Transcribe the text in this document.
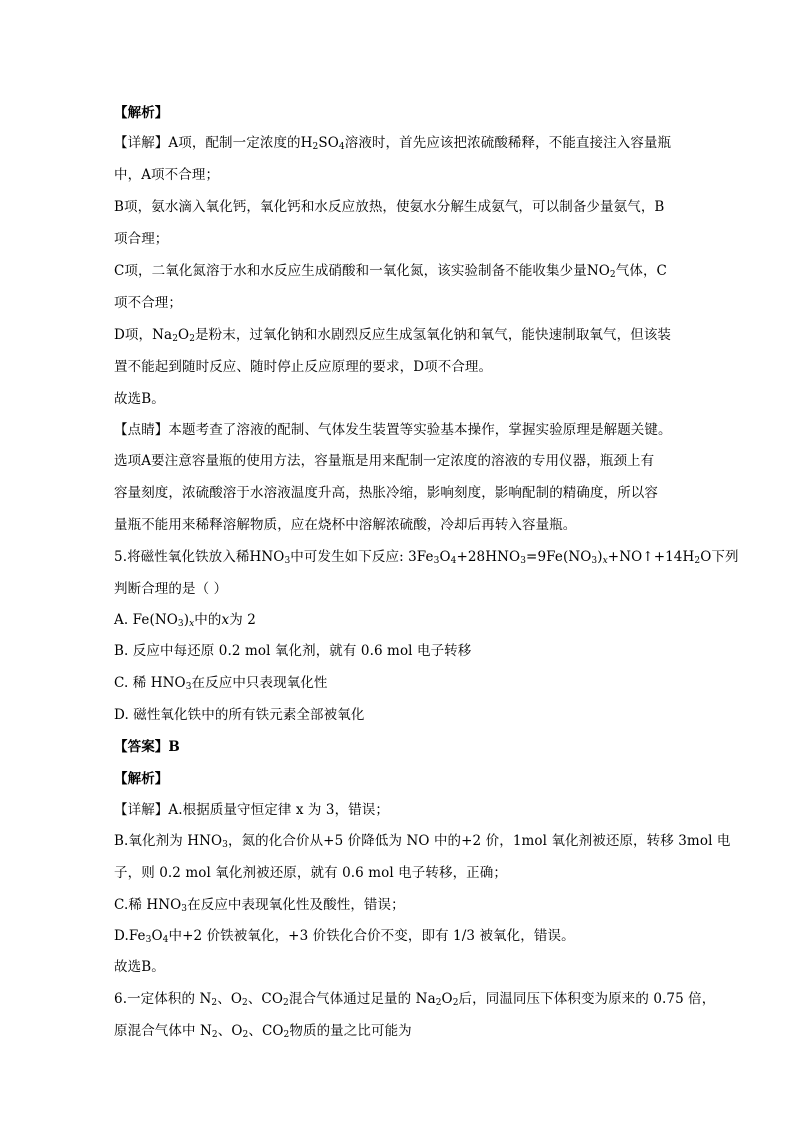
【解析】
【详解】A项，配制一定浓度的$H_2SO_4$溶液时，首先应该把浓硫酸稀释，不能直接注入容量瓶
中，A项不合理；
B项，氨水滴入氧化钙，氧化钙和水反应放热，使氨水分解生成氨气，可以制备少量氨气，B
项合理；
C项，二氧化氮溶于水和水反应生成硝酸和一氧化氮，该实验制备不能收集少量$NO_2$气体，C
项不合理；
D项，$Na_2O_2$是粉末，过氧化钠和水剧烈反应生成氢氧化钠和氧气，能快速制取氧气，但该装
置不能起到随时反应、随时停止反应原理的要求，D项不合理。
故选B。
【点睛】本题考查了溶液的配制、气体发生装置等实验基本操作，掌握实验原理是解题关键。
选项A要注意容量瓶的使用方法，容量瓶是用来配制一定浓度的溶液的专用仪器，瓶颈上有
容量刻度，浓硫酸溶于水溶液温度升高，热胀冷缩，影响刻度，影响配制的精确度，所以容
量瓶不能用来稀释溶解物质，应在烧杯中溶解浓硫酸，冷却后再转入容量瓶。
5.将磁性氧化铁放入稀$HNO_3$中可发生如下反应: $3Fe_3O_4+28HNO_3=9Fe(NO_3)_x+NO↑+14H_2O$下列
判断合理的是（ ）
A. $Fe(NO_3)_x$中的x为 2
B. 反应中每还原 0.2 mol 氧化剂，就有 0.6 mol 电子转移
C. 稀 $HNO_3$在反应中只表现氧化性
D. 磁性氧化铁中的所有铁元素全部被氧化
【答案】B
【解析】
【详解】A.根据质量守恒定律 x 为 3，错误；
B.氧化剂为 $HNO_3$，氮的化合价从+5 价降低为 NO 中的+2 价，1mol 氧化剂被还原，转移 3mol 电
子，则 0.2 mol 氧化剂被还原，就有 0.6 mol 电子转移，正确；
C.稀 $HNO_3$在反应中表现氧化性及酸性，错误；
$D.Fe_3O_4$中+2 价铁被氧化，+3 价铁化合价不变，即有 1/3 被氧化，错误。
故选B。
6.一定体积的 $N_2$、$O_2$、$CO_2$混合气体通过足量的 $Na_2O_2$后，同温同压下体积变为原来的 0.75 倍，
原混合气体中 $N_2$、$O_2$、$CO_2$物质的量之比可能为
